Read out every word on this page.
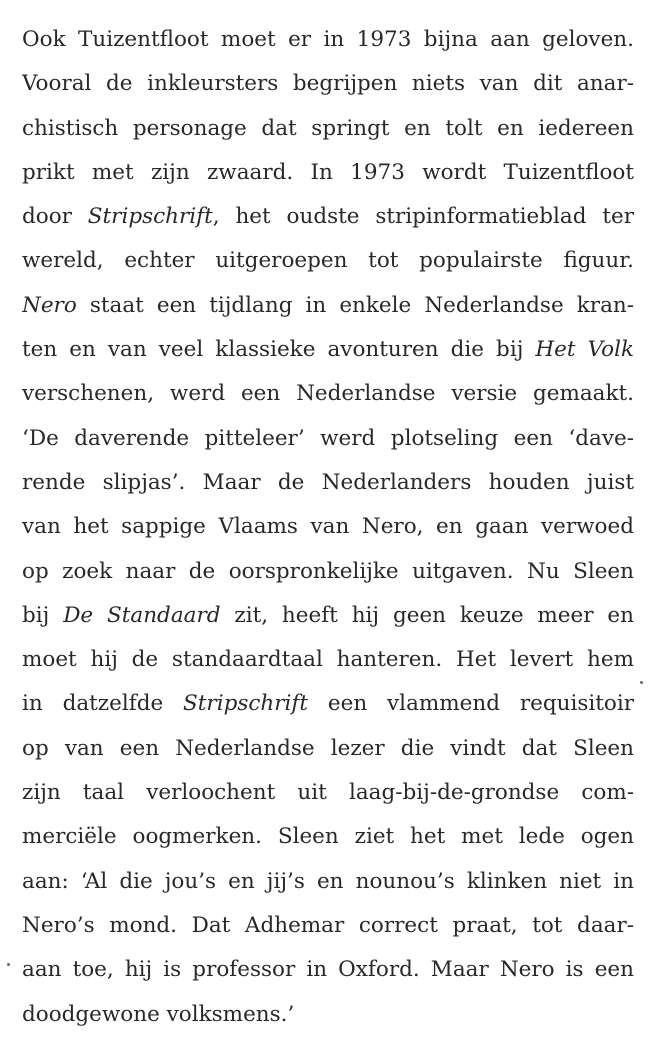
Ook Tuizentfloot moet er in 1973 bijna aan geloven.
Vooral de inkleursters begrijpen niets van dit anar-
chistisch personage dat springt en tolt en iedereen
prikt met zijn zwaard. In 1973 wordt Tuizentfloot
door Stripschrift, het oudste stripinformatieblad ter
wereld, echter uitgeroepen tot populairste figuur.
Nero staat een tijdlang in enkele Nederlandse kran-
ten en van veel klassieke avonturen die bij Het Volk
verschenen, werd een Nederlandse versie gemaakt.
‘De daverende pitteleer’ werd plotseling een ‘dave-
rende slipjas’. Maar de Nederlanders houden juist
van het sappige Vlaams van Nero, en gaan verwoed
op zoek naar de oorspronkelijke uitgaven. Nu Sleen
bij De Standaard zit, heeft hij geen keuze meer en
moet hij de standaardtaal hanteren. Het levert hem
in datzelfde Stripschrift een vlammend requisitoir
op van een Nederlandse lezer die vindt dat Sleen
zijn taal verloochent uit laag-bij-de-grondse com-
merciële oogmerken. Sleen ziet het met lede ogen
aan: ‘Al die jou’s en jij’s en nounou’s klinken niet in
Nero’s mond. Dat Adhemar correct praat, tot daar-
aan toe, hij is professor in Oxford. Maar Nero is een
doodgewone volksmens.’
